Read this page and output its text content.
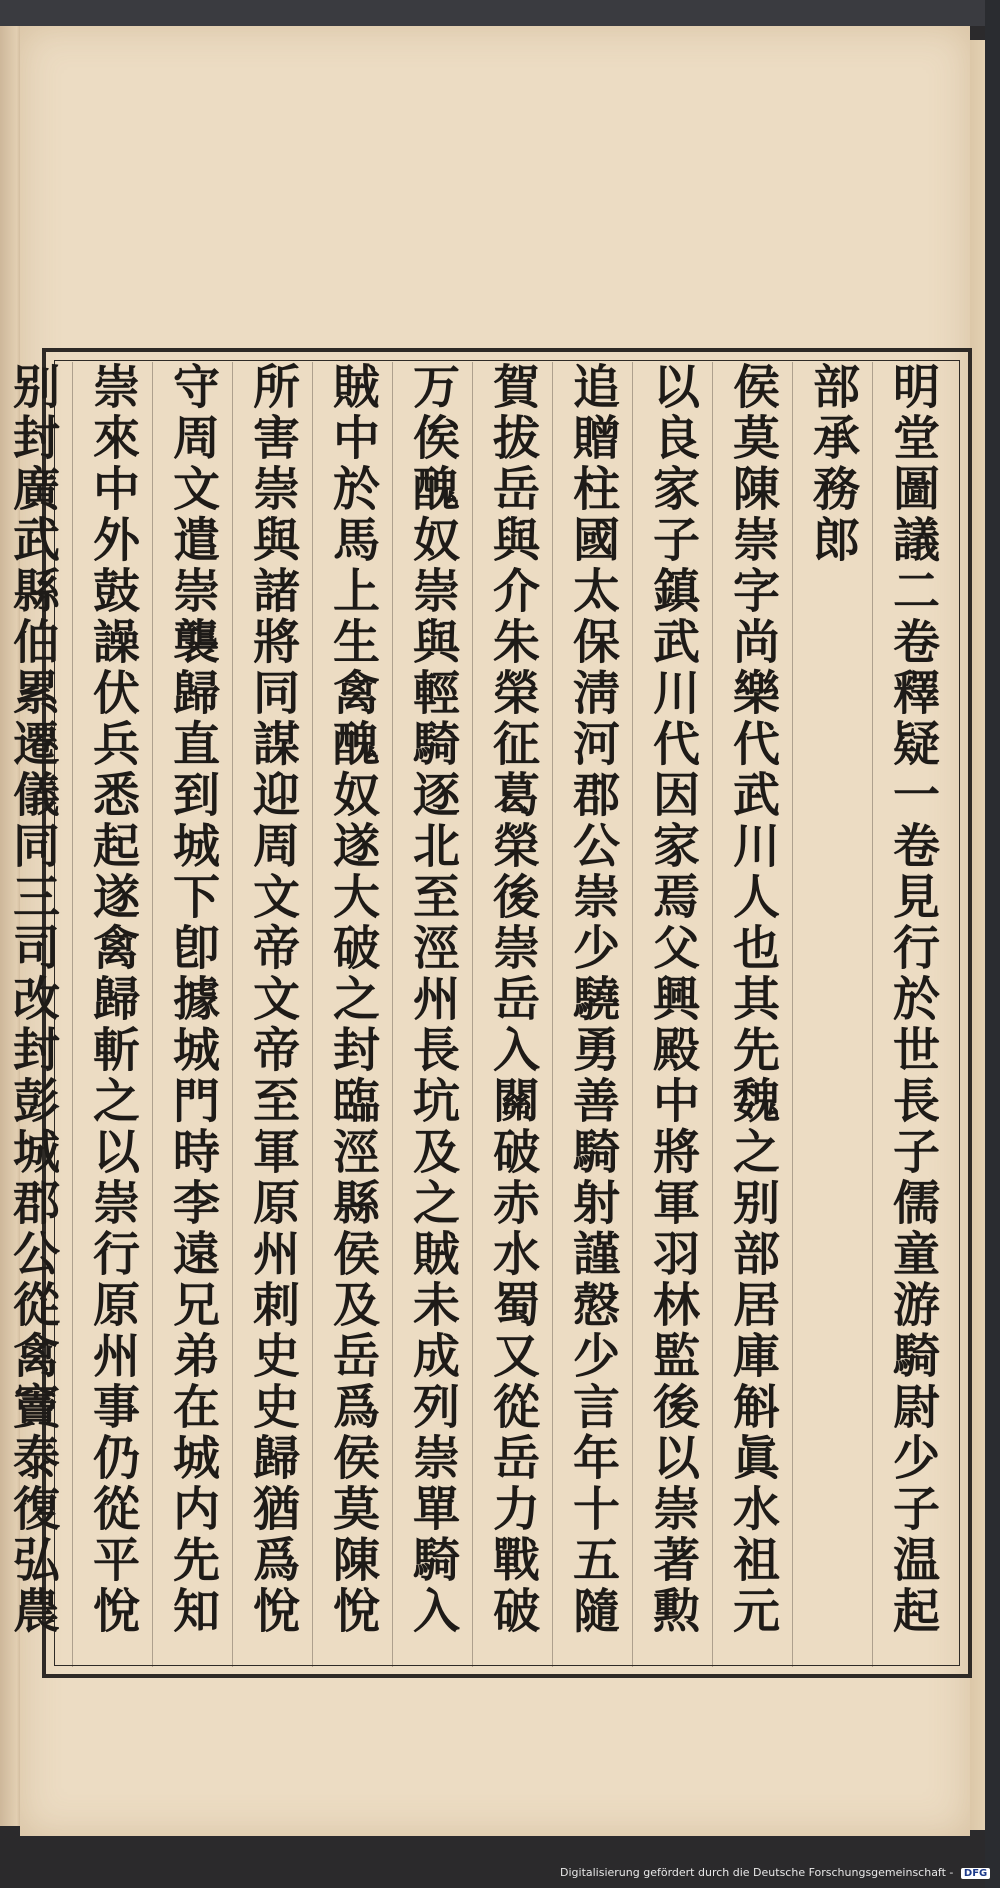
明堂圖議二卷釋疑一卷見行於世長子儒童游騎尉少子温起
部承務郎
侯莫陳崇字尚樂代武川人也其先魏之别部居庫斛眞水祖元
以良家子鎮武川代因家焉父興殿中將軍羽林監後以崇著勲
追贈柱國太保淸河郡公崇少驍勇善騎射謹慤少言年十五隨
賀拔岳與介朱榮征葛榮後崇岳入關破赤水蜀又從岳力戰破
万俟醜奴崇與輕騎逐北至涇州長坑及之賊未成列崇單騎入
賊中於馬上生禽醜奴遂大破之封臨涇縣侯及岳爲侯莫陳悅
所害崇與諸將同謀迎周文帝文帝至軍原州刺史史歸猶爲悅
守周文遣崇襲歸直到城下卽據城門時李遠兄弟在城内先知
崇來中外鼓譟伏兵悉起遂禽歸斬之以崇行原州事仍從平悅
别封廣武縣伯累遷儀同三司改封彭城郡公從禽竇泰復弘農
Digitalisierung gefördert durch die Deutsche Forschungsgemeinschaft - DFG
